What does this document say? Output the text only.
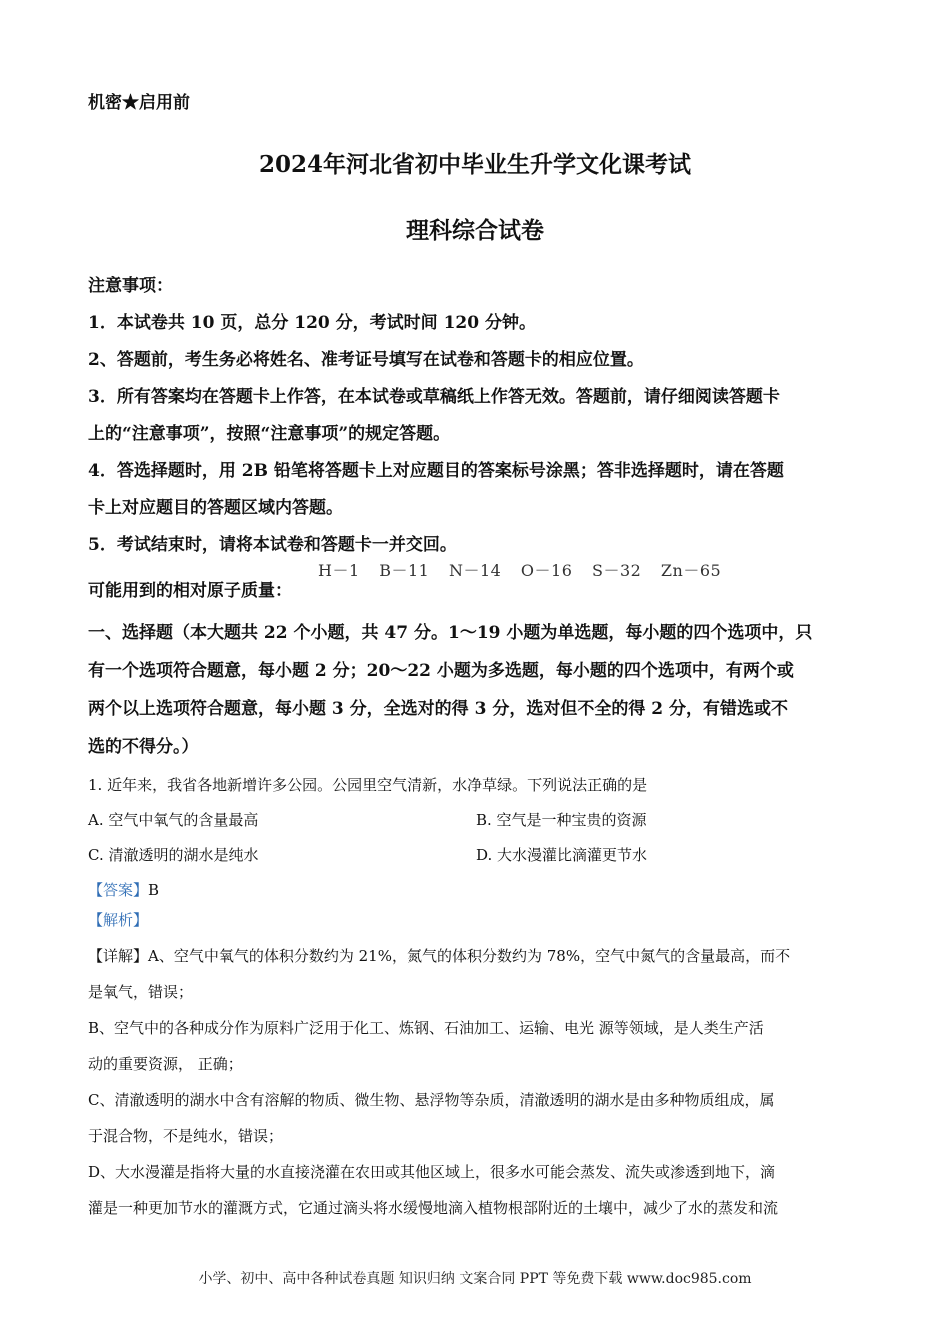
机密★启用前
2024年河北省初中毕业生升学文化课考试
理科综合试卷
注意事项：
1．本试卷共 10 页，总分 120 分，考试时间 120 分钟。
2、答题前，考生务必将姓名、准考证号填写在试卷和答题卡的相应位置。
3．所有答案均在答题卡上作答，在本试卷或草稿纸上作答无效。答题前，请仔细阅读答题卡
上的“注意事项”，按照“注意事项”的规定答题。
4．答选择题时，用 2B 铅笔将答题卡上对应题目的答案标号涂黑；答非选择题时，请在答题
卡上对应题目的答题区域内答题。
5．考试结束时，请将本试卷和答题卡一并交回。
可能用到的相对原子质量：
H－1 B－11 N－14 O－16 S－32 Zn－65
一、选择题（本大题共 22 个小题，共 47 分。1～19 小题为单选题，每小题的四个选项中，只
有一个选项符合题意，每小题 2 分；20～22 小题为多选题，每小题的四个选项中，有两个或
两个以上选项符合题意，每小题 3 分，全选对的得 3 分，选对但不全的得 2 分，有错选或不
选的不得分。）
1. 近年来，我省各地新增许多公园。公园里空气清新，水净草绿。下列说法正确的是
A. 空气中氧气的含量最高	B. 空气是一种宝贵的资源
C. 清澈透明的湖水是纯水	D. 大水漫灌比滴灌更节水
【答案】B
【解析】
【详解】A、空气中氧气的体积分数约为 21%，氮气的体积分数约为 78%，空气中氮气的含量最高，而不
是氧气，错误；
B、空气中的各种成分作为原料广泛用于化工、炼钢、石油加工、运输、电光 源等领域，是人类生产活
动的重要资源， 正确；
C、清澈透明的湖水中含有溶解的物质、微生物、悬浮物等杂质，清澈透明的湖水是由多种物质组成，属
于混合物，不是纯水，错误；
D、大水漫灌是指将大量的水直接浇灌在农田或其他区域上，很多水可能会蒸发、流失或渗透到地下，滴
灌是一种更加节水的灌溉方式，它通过滴头将水缓慢地滴入植物根部附近的土壤中，减少了水的蒸发和流
小学、初中、高中各种试卷真题 知识归纳 文案合同 PPT 等免费下载 www.doc985.com
